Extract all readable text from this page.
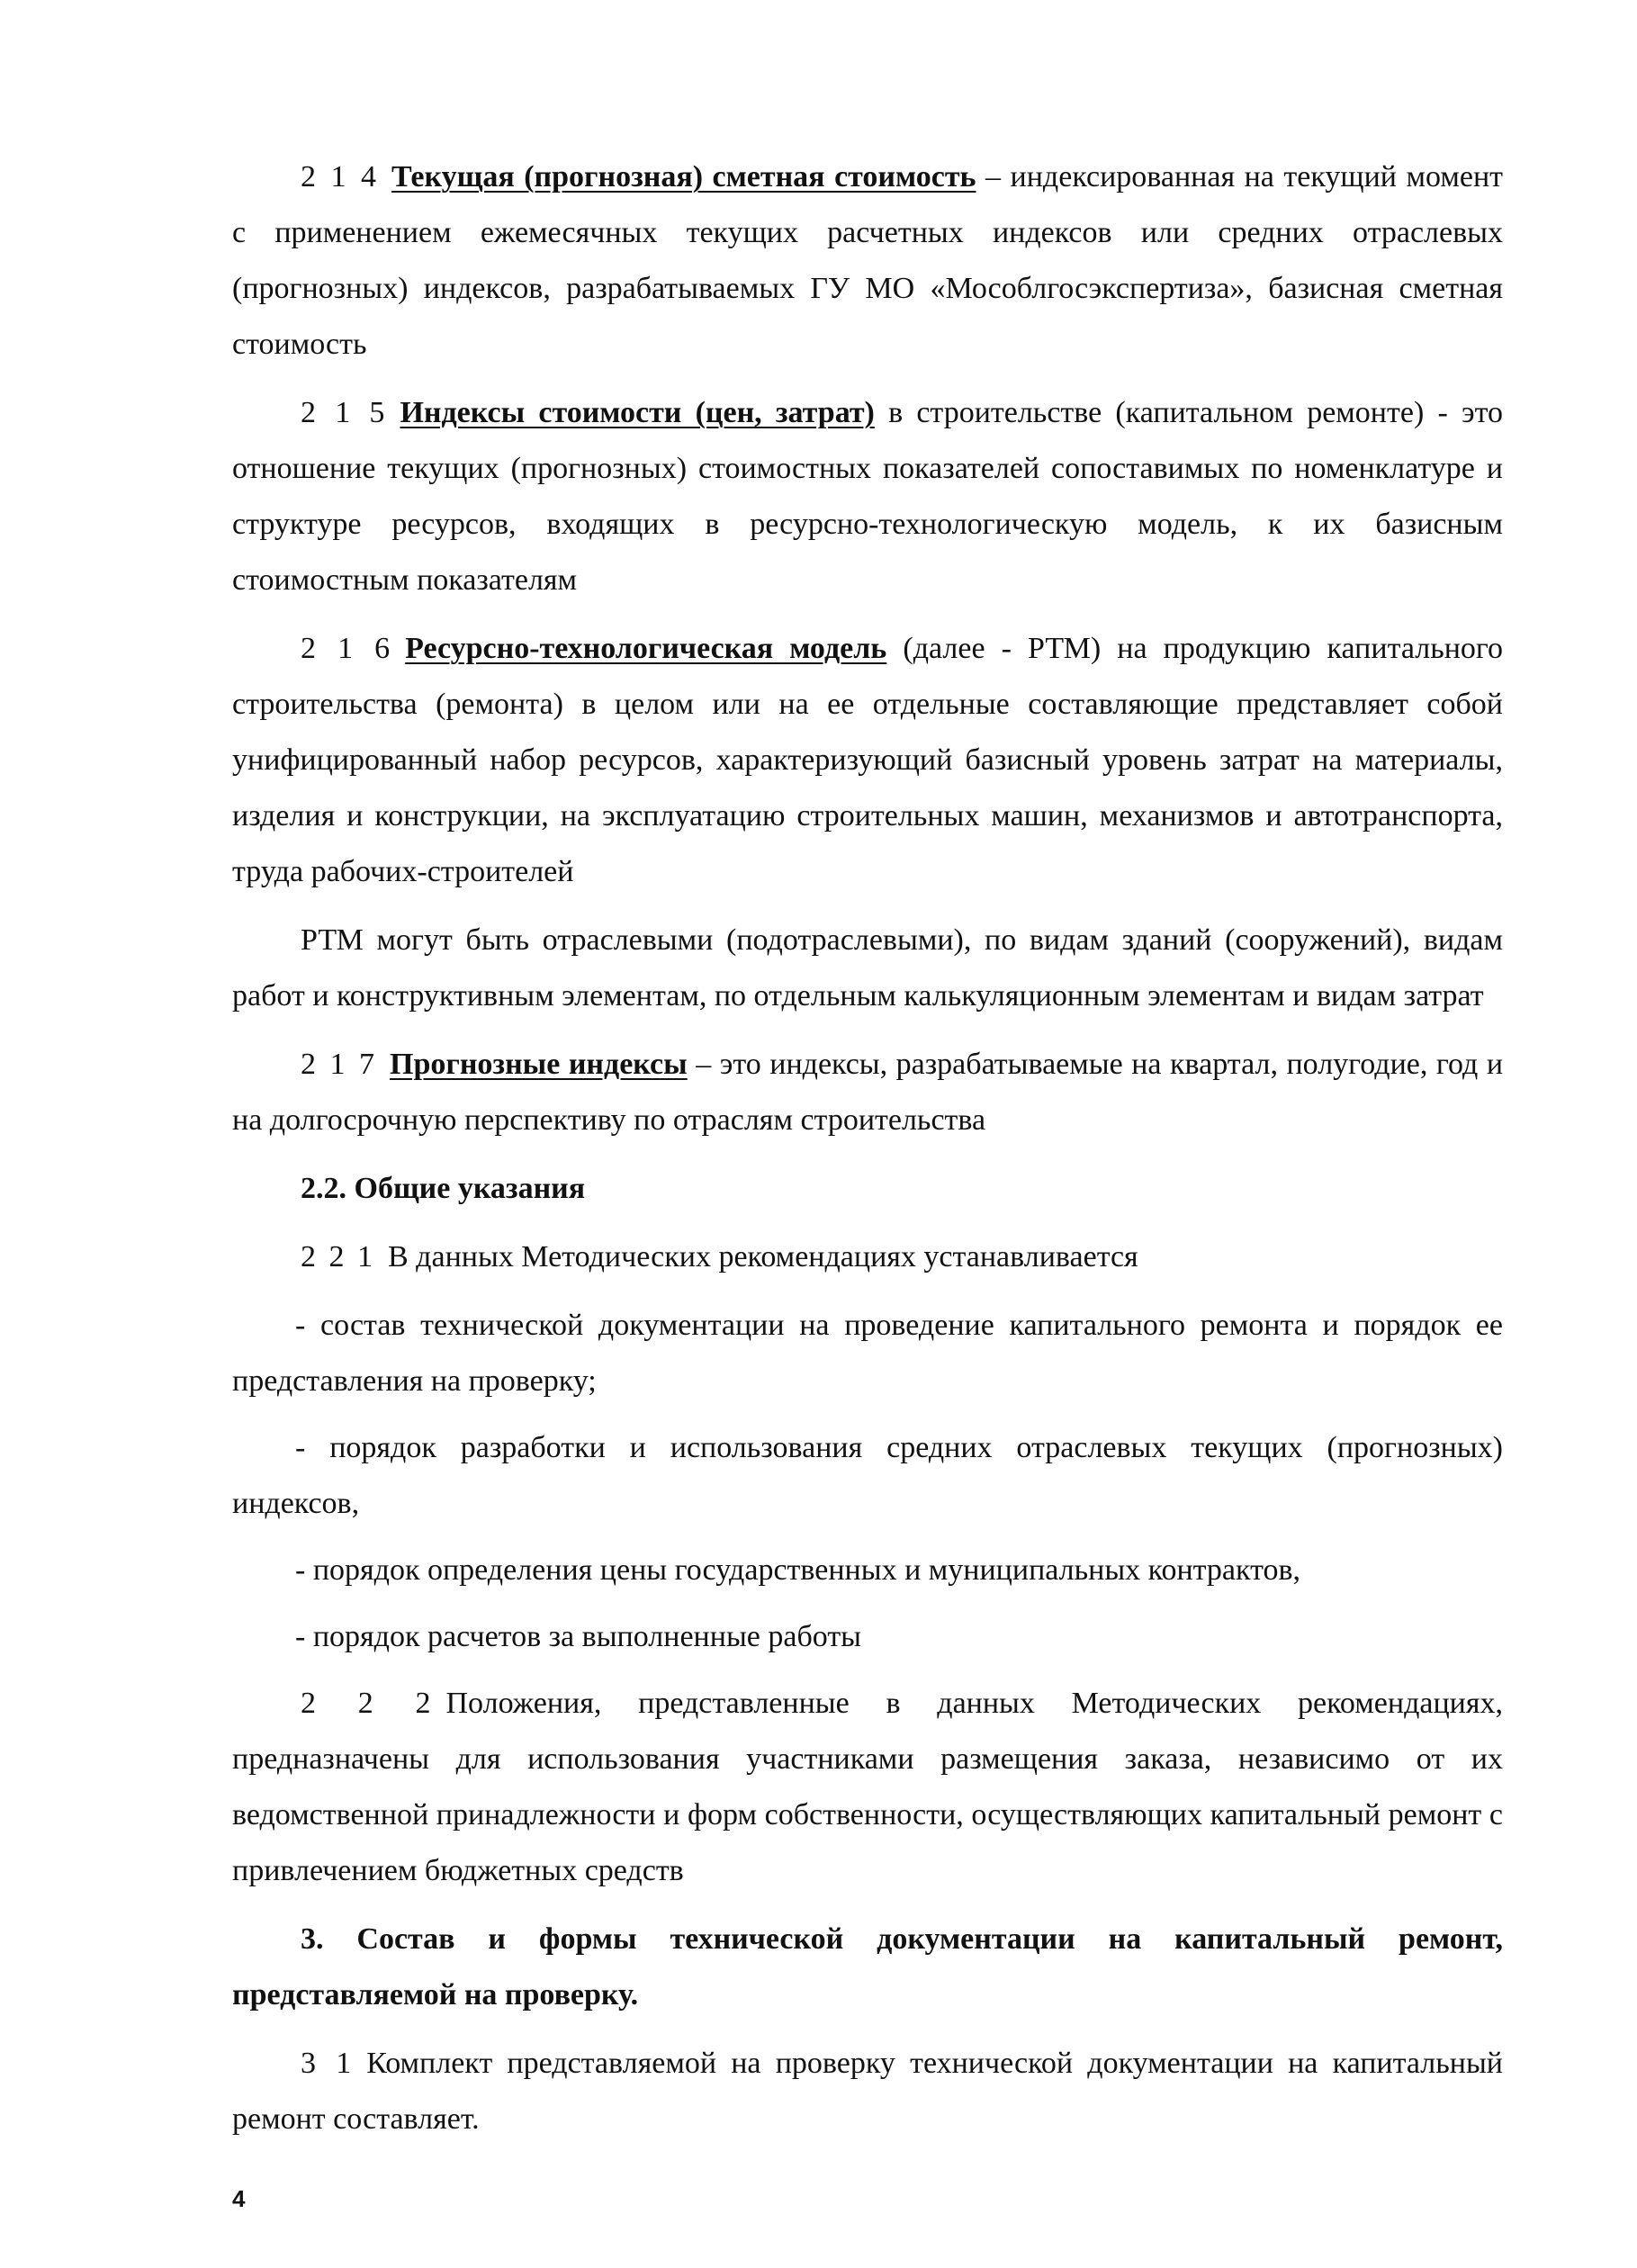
2 1 4 Текущая (прогнозная) сметная стоимость – индексированная на текущий момент с применением ежемесячных текущих расчетных индексов или средних отраслевых (прогнозных) индексов, разрабатываемых ГУ МО «Мособлгосэкспертиза», базисная сметная стоимость

2 1 5 Индексы стоимости (цен, затрат) в строительстве (капитальном ремонте) - это отношение текущих (прогнозных) стоимостных показателей сопоставимых по номенклатуре и структуре ресурсов, входящих в ресурсно-технологическую модель, к их базисным стоимостным показателям

2 1 6 Ресурсно-технологическая модель (далее - РТМ) на продукцию капитального строительства (ремонта) в целом или на ее отдельные составляющие представляет собой унифицированный набор ресурсов, характеризующий базисный уровень затрат на материалы, изделия и конструкции, на эксплуатацию строительных машин, механизмов и автотранспорта, труда рабочих-строителей

РТМ могут быть отраслевыми (подотраслевыми), по видам зданий (сооружений), видам работ и конструктивным элементам, по отдельным калькуляционным элементам и видам затрат

2 1 7 Прогнозные индексы – это индексы, разрабатываемые на квартал, полугодие, год и на долгосрочную перспективу по отраслям строительства

2.2. Общие указания

2 2 1 В данных Методических рекомендациях устанавливается

- состав технической документации на проведение капитального ремонта и порядок ее представления на проверку;

- порядок разработки и использования средних отраслевых текущих (прогнозных) индексов,

- порядок определения цены государственных и муниципальных контрактов,

- порядок расчетов за выполненные работы

2 2 2 Положения, представленные в данных Методических рекомендациях, предназначены для использования участниками размещения заказа, независимо от их ведомственной принадлежности и форм собственности, осуществляющих капитальный ремонт с привлечением бюджетных средств

3. Состав и формы технической документации на капитальный ремонт, представляемой на проверку.

3 1 Комплект представляемой на проверку технической документации на капитальный ремонт составляет.

4
